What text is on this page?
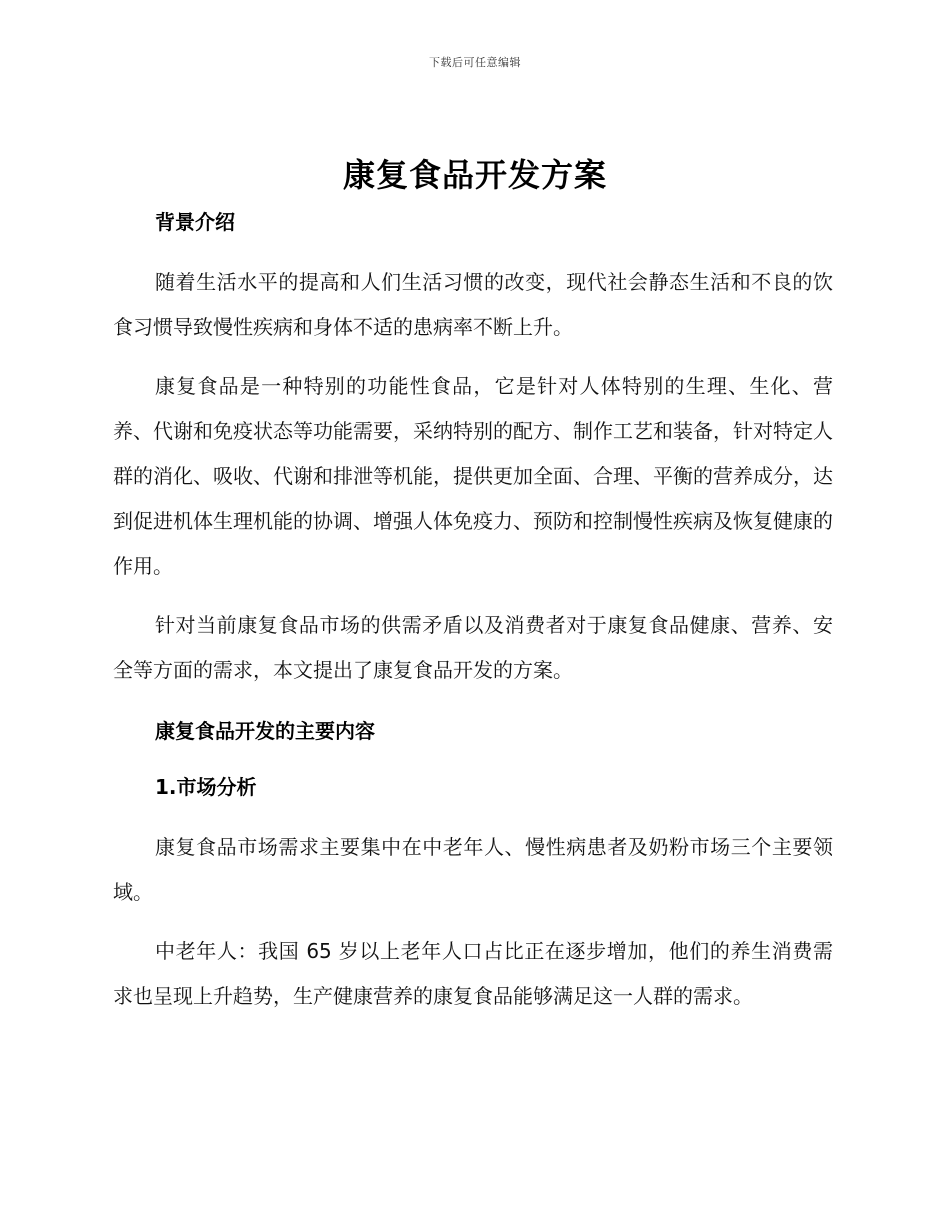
下载后可任意编辑
康复食品开发方案
背景介绍

随着生活水平的提高和人们生活习惯的改变，现代社会静态生活和不良的饮食习惯导致慢性疾病和身体不适的患病率不断上升。

康复食品是一种特别的功能性食品，它是针对人体特别的生理、生化、营养、代谢和免疫状态等功能需要，采纳特别的配方、制作工艺和装备，针对特定人群的消化、吸收、代谢和排泄等机能，提供更加全面、合理、平衡的营养成分，达到促进机体生理机能的协调、增强人体免疫力、预防和控制慢性疾病及恢复健康的作用。

针对当前康复食品市场的供需矛盾以及消费者对于康复食品健康、营养、安全等方面的需求，本文提出了康复食品开发的方案。

康复食品开发的主要内容
1.市场分析

康复食品市场需求主要集中在中老年人、慢性病患者及奶粉市场三个主要领域。

中老年人：我国 65 岁以上老年人口占比正在逐步增加，他们的养生消费需求也呈现上升趋势，生产健康营养的康复食品能够满足这一人群的需求。
